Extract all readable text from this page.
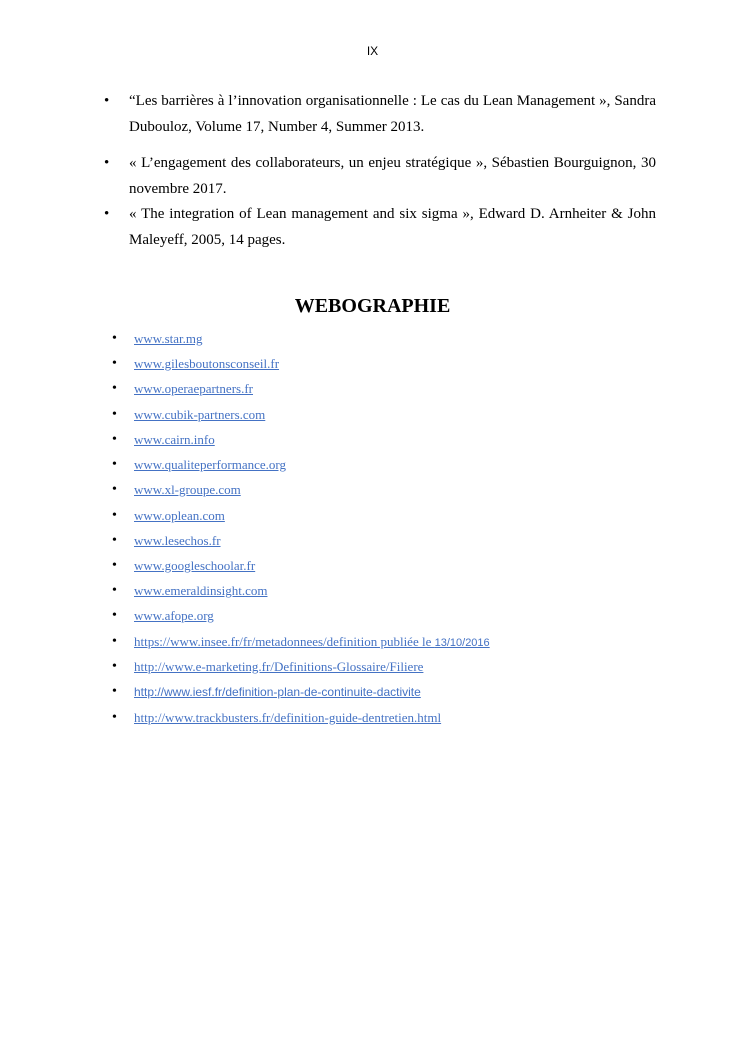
IX
• “Les barrières à l’innovation organisationnelle : Le cas du Lean Management », Sandra Dubouloz, Volume 17, Number 4, Summer 2013.
• « L’engagement des collaborateurs, un enjeu stratégique », Sébastien Bourguignon, 30 novembre 2017.
• « The integration of Lean management and six sigma », Edward D. Arnheiter & John Maleyeff, 2005, 14 pages.
WEBOGRAPHIE
• www.star.mg
• www.gilesboutonsconseil.fr
• www.operaepartners.fr
• www.cubik-partners.com
• www.cairn.info
• www.qualiteperformance.org
• www.xl-groupe.com
• www.oplean.com
• www.lesechos.fr
• www.googleschoolar.fr
• www.emeraldinsight.com
• www.afope.org
• https://www.insee.fr/fr/metadonnees/definition publiée le 13/10/2016
• http://www.e-marketing.fr/Definitions-Glossaire/Filiere
• http://www.iesf.fr/definition-plan-de-continuite-dactivite
• http://www.trackbusters.fr/definition-guide-dentretien.html
